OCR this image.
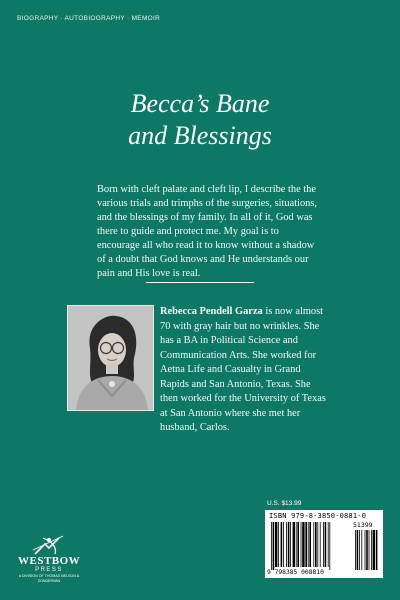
BIOGRAPHY · AUTOBIOGRAPHY · MEMOIR
Becca’s Bane
and Blessings
Born with cleft palate and cleft lip, I describe the the various trials and trimphs of the surgeries, situations, and the blessings of my family. In all of it, God was there to guide and protect me. My goal is to encourage all who read it to know without a shadow of a doubt that God knows and He understands our pain and His love is real.
Rebecca Pendell Garza is now almost 70 with gray hair but no wrinkles. She has a BA in Political Science and Communication Arts. She worked for Aetna Life and Casualty in Grand Rapids and San Antonio, Texas. She then worked for the University of Texas at San Antonio where she met her husband, Carlos.
WESTBOW
PRESS
A DIVISION OF THOMAS NELSON & ZONDERVAN
U.S. $13.99
ISBN 979-8-3850-0881-0
51399
9 798385 008810
